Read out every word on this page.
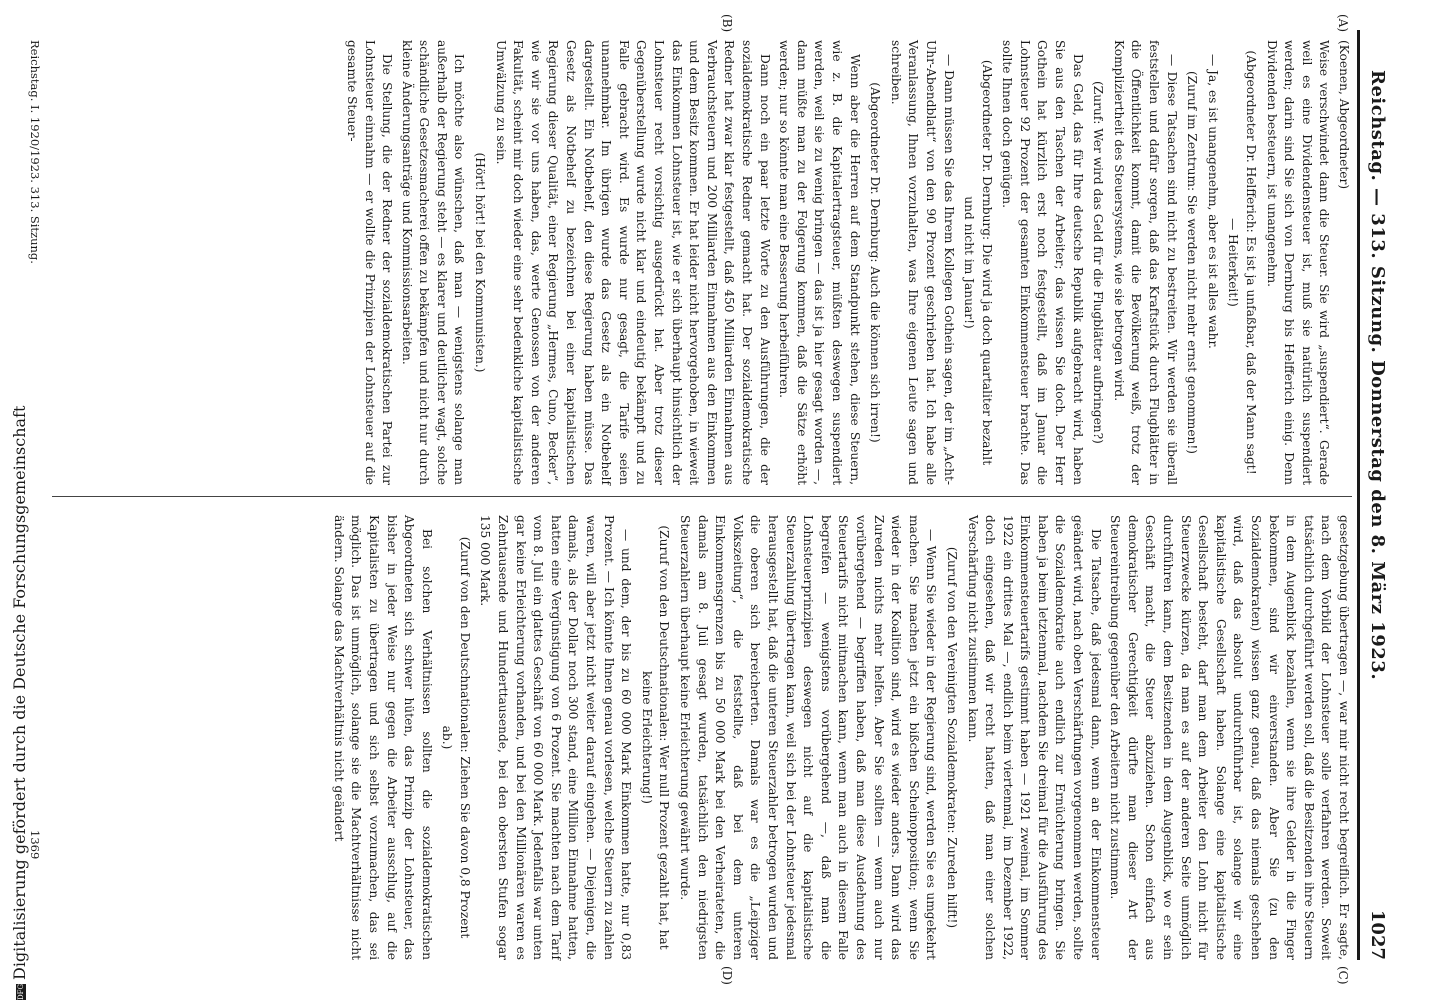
Reichstag. — 313. Sitzung. Donnerstag den 8. März 1923.
1027
(A)
(B)
(C)
(D)

(Koenen, Abgeordneter)

Weise verschwindet dann die Steuer. Sie wird „suspendiert“. Gerade weil es eine Dividendensteuer ist, muß sie natürlich suspendiert werden; darin sind Sie sich von Dernburg bis Helfferich einig. Denn Dividenden besteuern, ist unangenehm.

(Abgeordneter Dr. Helfferich: Es ist ja unfaßbar, daß der Mann sagt! — Heiterkeit!)

— Ja, es ist unangenehm, aber es ist alles wahr.

(Zuruf im Zentrum: Sie werden nicht mehr ernst genommen!)

— Diese Tatsachen sind nicht zu bestreiten. Wir werden sie überall feststellen und dafür sorgen, daß das Kraftstück durch Flugblätter in die Öffentlichkeit kommt, damit die Bevölkerung weiß, trotz der Kompliziertheit des Steuersystems, wie sie betrogen wird.

(Zuruf: Wer wird das Geld für die Flugblätter aufbringen?)

Das Geld, das für Ihre deutsche Republik aufgebracht wird, haben Sie aus den Taschen der Arbeiter; das wissen Sie doch. Der Herr Gothein hat kürzlich erst noch festgestellt, daß im Januar die Lohnsteuer 92 Prozent der gesamten Einkommensteuer brachte. Das sollte Ihnen doch genügen.

(Abgeordneter Dr. Dernburg: Die wird ja doch quartaliter bezahlt und nicht im Januar!)

— Dann müssen Sie das Ihrem Kollegen Gothein sagen, der im „Acht-Uhr-Abendblatt“ von den 90 Prozent geschrieben hat. Ich habe alle Veranlassung, Ihnen vorzuhalten, was Ihre eigenen Leute sagen und schreiben.

(Abgeordneter Dr. Dernburg: Auch die können sich irren!)

Wenn aber die Herren auf dem Standpunkt stehen, diese Steuern, wie z. B. die Kapitalertragsteuer, müßten deswegen suspendiert werden, weil sie zu wenig bringen — das ist ja hier gesagt worden —, dann müßte man zu der Folgerung kommen, daß die Sätze erhöht werden; nur so könnte man eine Besserung herbeiführen.

Dann noch ein paar letzte Worte zu den Ausführungen, die der sozialdemokratische Redner gemacht hat. Der sozialdemokratische Redner hat zwar klar festgestellt, daß 450 Milliarden Einnahmen aus Verbrauchsteuern und 200 Milliarden Einnahmen aus den Einkommen und dem Besitz kommen. Er hat leider nicht hervorgehoben, in wieweit das Einkommen Lohnsteuer ist, wie er sich überhaupt hinsichtlich der Lohnsteuer recht vorsichtig ausgedrückt hat. Aber trotz dieser Gegenüberstellung wurde nicht klar und eindeutig bekämpft und zu Falle gebracht wird. Es wurde nur gesagt, die Tarife seien unannehmbar. Im übrigen wurde das Gesetz als ein Notbehelf dargestellt. Ein Notbehelf, den diese Regierung haben müsse. Das Gesetz als Notbehelf zu bezeichnen bei einer kapitalistischen Regierung dieser Qualität, einer Regierung „Hermes, Cuno, Becker“, wie wir sie vor uns haben, das, werte Genossen von der anderen Fakultät, scheint mir doch wieder eine sehr bedenkliche kapitalistische Umwälzung zu sein.

(Hört! hört! bei den Kommunisten.)

Ich möchte also wünschen, daß man — wenigstens solange man außerhalb der Regierung steht — es klarer und deutlicher wagt, solche schändliche Gesetzesmacherei offen zu bekämpfen und nicht nur durch kleine Änderungsanträge und Kommissionsarbeiten.

Die Stellung, die der Redner der sozialdemokratischen Partei zur Lohnsteuer einnahm — er wollte die Prinzipien der Lohnsteuer auf die gesamte Steuer-

gesetzgebung übertragen —, war mir nicht recht begreiflich. Er sagte, nach dem Vorbild der Lohnsteuer solle verfahren werden. Soweit tatsächlich durchgeführt werden soll, daß die Besitzenden ihre Steuern in dem Augenblick bezahlen, wenn sie ihre Gelder in die Finger bekommen, sind wir einverstanden. Aber Sie (zu den Sozialdemokraten) wissen ganz genau, daß das niemals geschehen wird, daß das absolut undurchführbar ist, solange wir eine kapitalistische Gesellschaft haben. Solange eine kapitalistische Gesellschaft besteht, darf man dem Arbeiter den Lohn nicht für Steuerzwecke kürzen, da man es auf der anderen Seite unmöglich durchführen kann, dem Besitzenden in dem Augenblick, wo er sein Geschäft macht, die Steuer abzuziehen. Schon einfach aus demokratischer Gerechtigkeit dürfte man dieser Art der Steuereintreibung gegenüber den Arbeitern nicht zustimmen.

Die Tatsache, daß jedesmal dann, wenn an der Einkommensteuer geändert wird, nach oben Verschärfungen vorgenommen werden, sollte die Sozialdemokratie auch endlich zur Ernüchterung bringen. Sie haben ja beim letztenmal, nachdem Sie dreimal für die Ausführung des Einkommensteuertarifs gestimmt haben — 1921 zweimal, im Sommer 1922 ein drittes Mal —, endlich beim viertenmal, im Dezember 1922, doch eingesehen, daß wir recht hatten, daß man einer solchen Verschärfung nicht zustimmen kann.

(Zuruf von den Vereinigten Sozialdemokraten: Zureden hilft!)

— Wenn Sie wieder in der Regierung sind, werden Sie es umgekehrt machen. Sie machen jetzt ein bißchen Scheinopposition; wenn Sie wieder in der Koalition sind, wird es wieder anders. Dann wird das Zureden nichts mehr helfen. Aber Sie sollten — wenn auch nur vorübergehend — begriffen haben, daß man diese Ausdehnung des Steuertarifs nicht mitmachen kann, wenn man auch in diesem Falle begreifen — wenigstens vorübergehend —, daß man die Lohnsteuerprinzipien deswegen nicht auf die kapitalistische Steuerzahlung übertragen kann, weil sich bei der Lohnsteuer jedesmal herausgestellt hat, daß die unteren Steuerzahler betrogen wurden und die oberen sich bereicherten. Damals war es die „Leipziger Volkszeitung“, die feststellte, daß bei dem unteren Einkommensgrenzen bis zu 50 000 Mark bei den Verheirateten, die damals am 8. Juli gesagt wurden, tatsächlich den niedrigsten Steuerzahlern überhaupt keine Erleichterung gewährt wurde.

(Zuruf von den Deutschnationalen: Wer null Prozent gezahlt hat, hat keine Erleichterung!)

— und dem, der bis zu 60 000 Mark Einkommen hatte, nur 0,83 Prozent. — Ich könnte Ihnen genau vorlesen, welche Steuern zu zahlen waren, will aber jetzt nicht weiter darauf eingehen. — Diejenigen, die damals, als der Dollar noch 300 stand, eine Million Einnahme hatten, hatten eine Vergünstigung von 6 Prozent. Sie machten nach dem Tarif vom 8. Juli ein glattes Geschäft von 60 000 Mark. Jedenfalls war unten gar keine Erleichterung vorhanden, und bei den Millionären waren es Zehntausende und Hunderttausende, bei den obersten Stufen sogar 135 000 Mark.

(Zuruf von den Deutschnationalen: Ziehen Sie davon 0,8 Prozent ab.)

Bei solchen Verhältnissen sollten die sozialdemokratischen Abgeordneten sich schwer hüten, das Prinzip der Lohnsteuer, das bisher in jeder Weise nur gegen die Arbeiter ausschlug, auf die Kapitalisten zu übertragen und sich selbst vorzumachen, das sei möglich. Das ist unmöglich, solange sie die Machtverhältnisse nicht ändern. Solange das Machtverhältnis nicht geändert

Reichstag. I. 1920/1923. 313. Sitzung.
1369
DFGDigitalisierung gefördert durch die Deutsche Forschungsgemeinschaft
